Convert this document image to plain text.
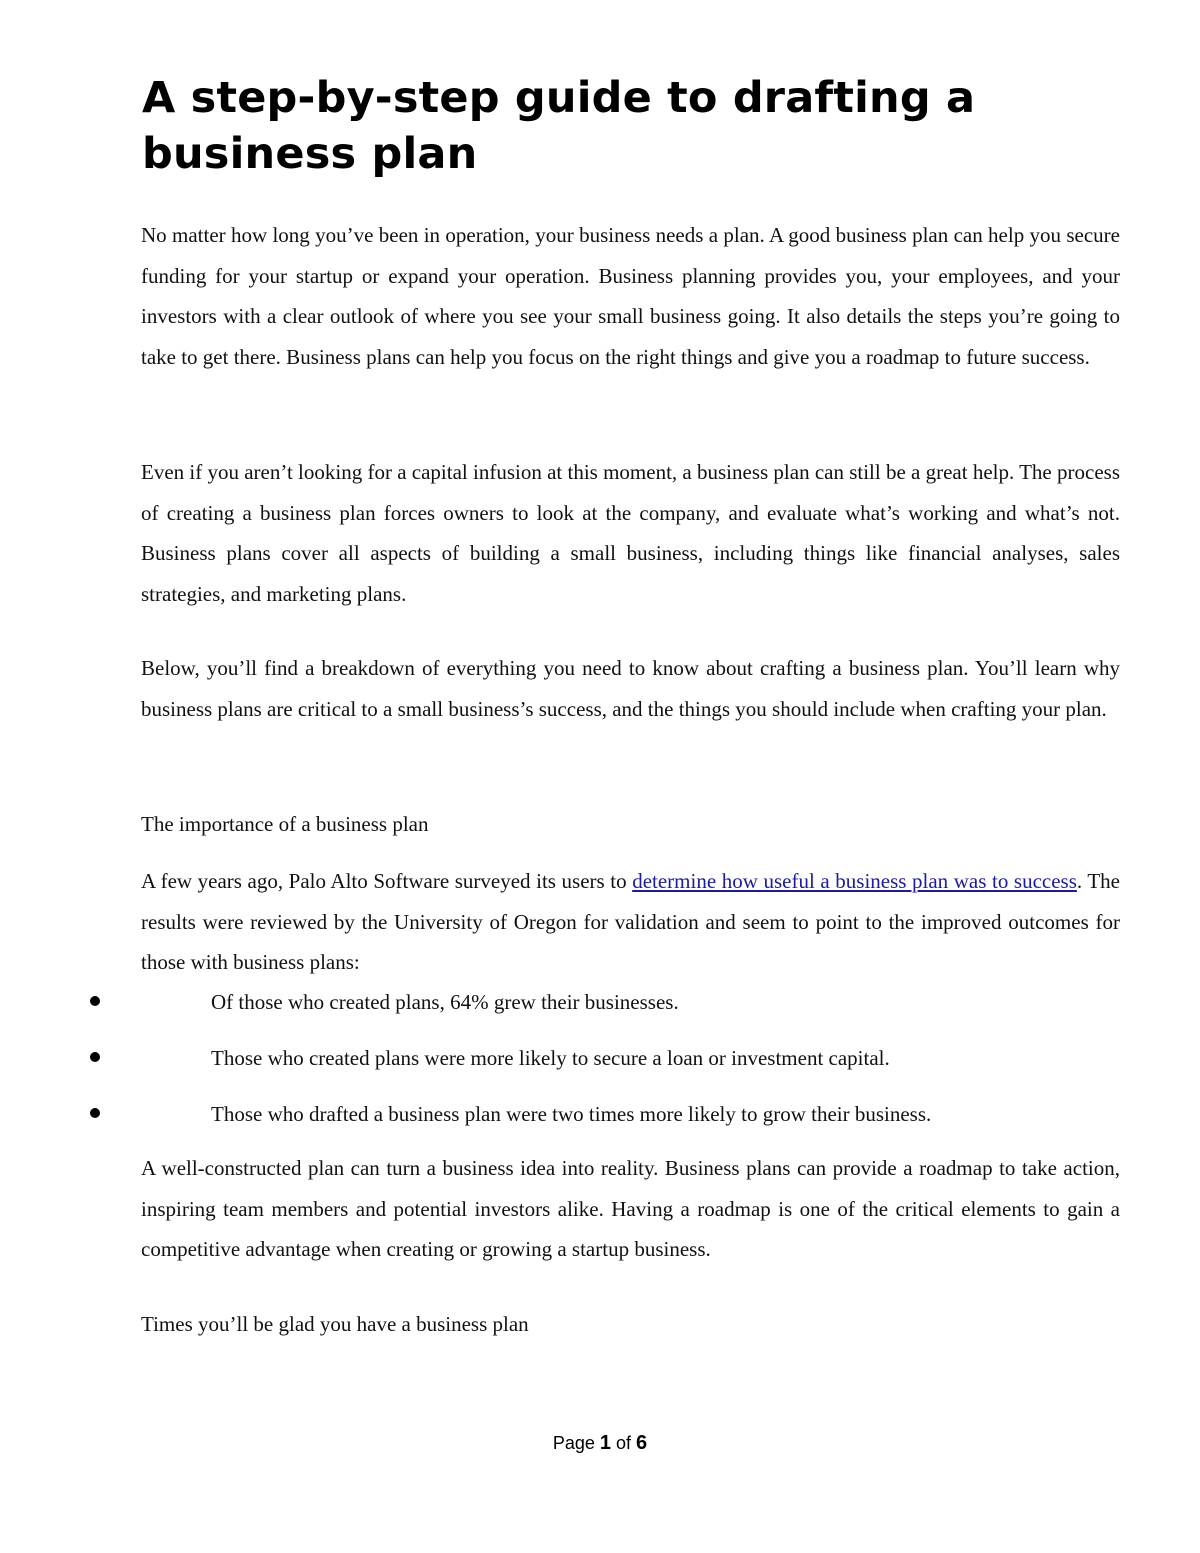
A step-by-step guide to drafting a business plan

No matter how long you’ve been in operation, your business needs a plan. A good business plan can help you secure funding for your startup or expand your operation. Business planning provides you, your employees, and your investors with a clear outlook of where you see your small business going. It also details the steps you’re going to take to get there. Business plans can help you focus on the right things and give you a roadmap to future success.

Even if you aren’t looking for a capital infusion at this moment, a business plan can still be a great help. The process of creating a business plan forces owners to look at the company, and evaluate what’s working and what’s not. Business plans cover all aspects of building a small business, including things like financial analyses, sales strategies, and marketing plans.

Below, you’ll find a breakdown of everything you need to know about crafting a business plan. You’ll learn why business plans are critical to a small business’s success, and the things you should include when crafting your plan.

The importance of a business plan

A few years ago, Palo Alto Software surveyed its users to determine how useful a business plan was to success. The results were reviewed by the University of Oregon for validation and seem to point to the improved outcomes for those with business plans:

Of those who created plans, 64% grew their businesses.
Those who created plans were more likely to secure a loan or investment capital.
Those who drafted a business plan were two times more likely to grow their business.

A well-constructed plan can turn a business idea into reality. Business plans can provide a roadmap to take action, inspiring team members and potential investors alike. Having a roadmap is one of the critical elements to gain a competitive advantage when creating or growing a startup business.

Times you’ll be glad you have a business plan

Page 1 of 6
